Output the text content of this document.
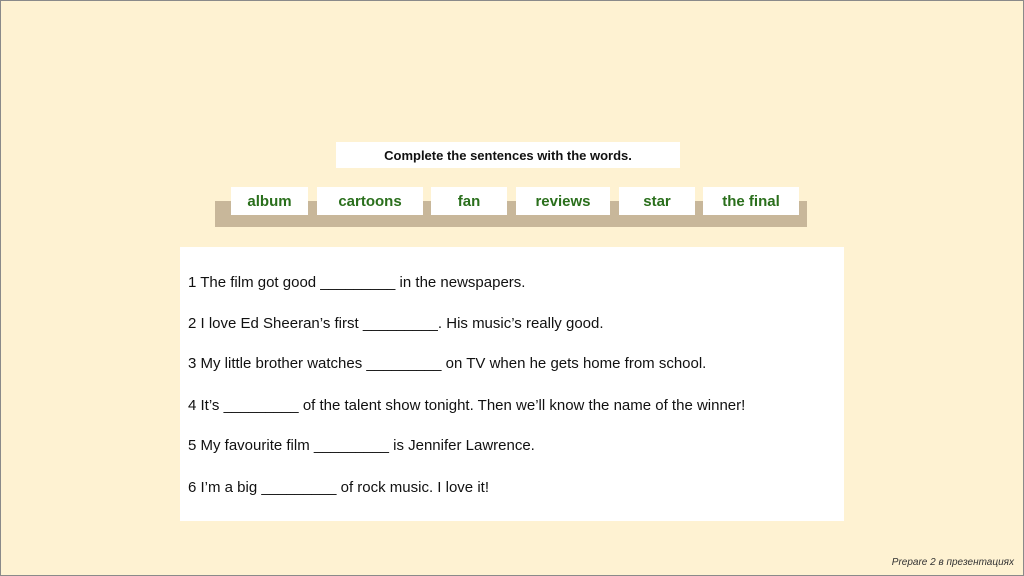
Complete the sentences with the words.
album	cartoons	fan	reviews	star	the final
1 The film got good _________ in the newspapers.
2 I love Ed Sheeran’s first _________. His music’s really good.
3 My little brother watches _________ on TV when he gets home from school.
4 It’s _________ of the talent show tonight. Then we’ll know the name of the winner!
5 My favourite film _________ is Jennifer Lawrence.
6 I’m a big _________ of rock music. I love it!
Prepare 2 в презентациях
